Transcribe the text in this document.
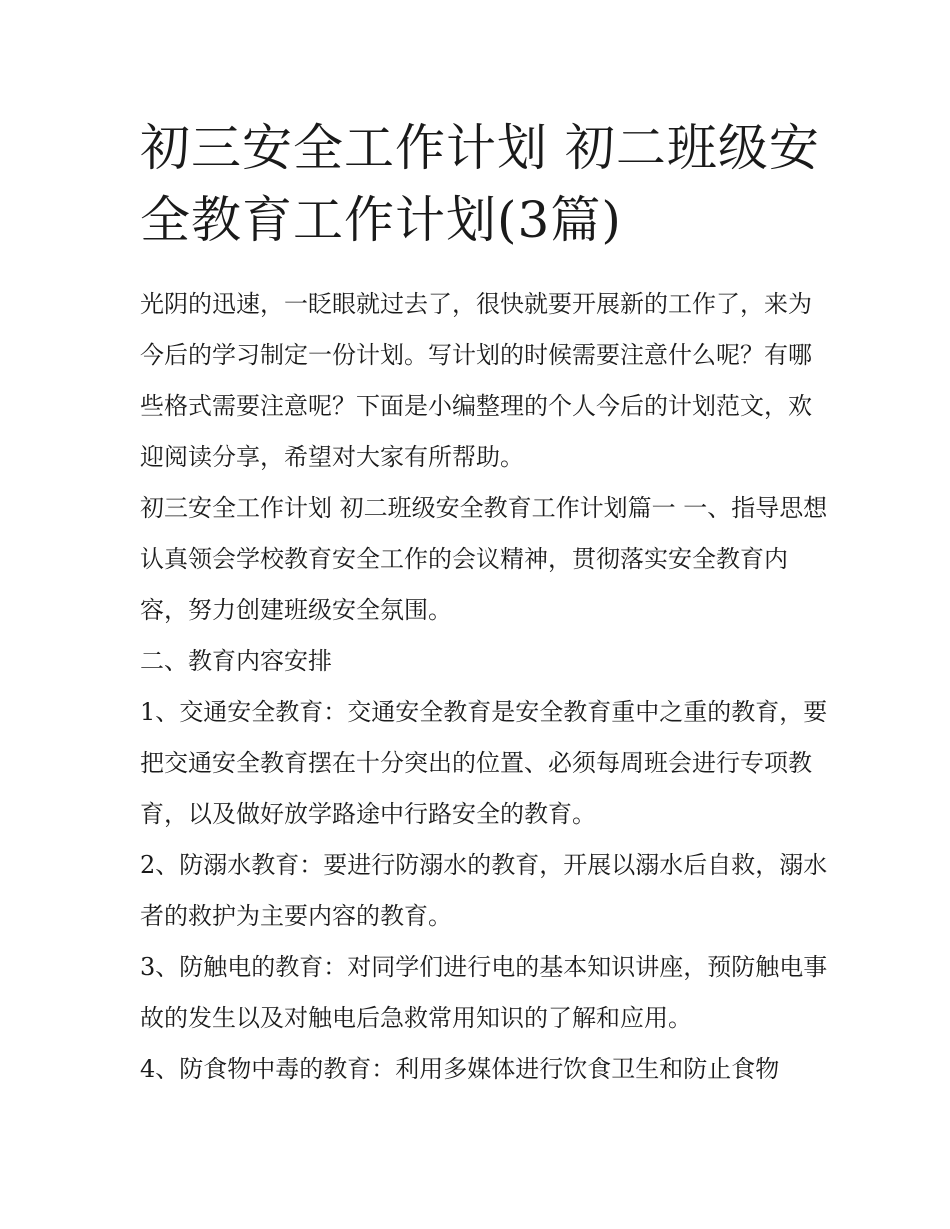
初三安全工作计划 初二班级安全教育工作计划(3篇)

光阴的迅速，一眨眼就过去了，很快就要开展新的工作了，来为今后的学习制定一份计划。写计划的时候需要注意什么呢？有哪些格式需要注意呢？下面是小编整理的个人今后的计划范文，欢迎阅读分享，希望对大家有所帮助。

初三安全工作计划 初二班级安全教育工作计划篇一 一、指导思想 认真领会学校教育安全工作的会议精神，贯彻落实安全教育内容，努力创建班级安全氛围。

二、教育内容安排

1、交通安全教育：交通安全教育是安全教育重中之重的教育，要把交通安全教育摆在十分突出的位置、必须每周班会进行专项教育，以及做好放学路途中行路安全的教育。

2、防溺水教育：要进行防溺水的教育，开展以溺水后自救，溺水者的救护为主要内容的教育。

3、防触电的教育：对同学们进行电的基本知识讲座，预防触电事故的发生以及对触电后急救常用知识的了解和应用。

4、防食物中毒的教育：利用多媒体进行饮食卫生和防止食物
